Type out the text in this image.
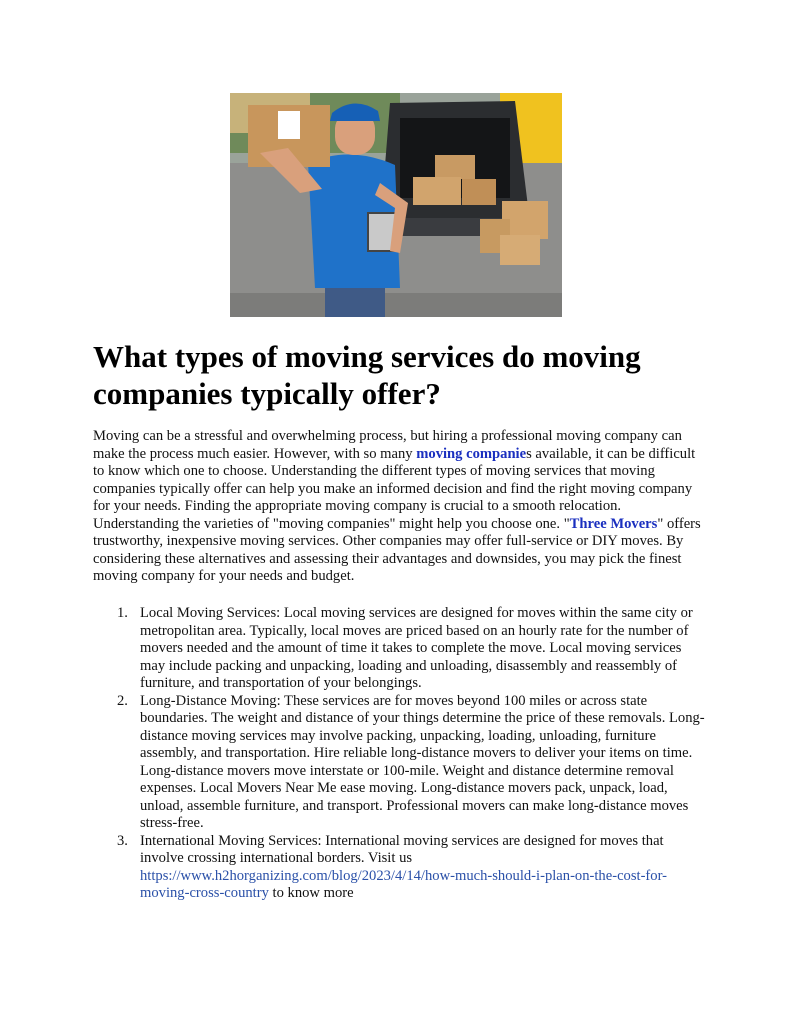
What types of moving services do moving companies typically offer?

Moving can be a stressful and overwhelming process, but hiring a professional moving company can make the process much easier. However, with so many moving companies available, it can be difficult to know which one to choose. Understanding the different types of moving services that moving companies typically offer can help you make an informed decision and find the right moving company for your needs. Finding the appropriate moving company is crucial to a smooth relocation. Understanding the varieties of "moving companies" might help you choose one. "Three Movers" offers trustworthy, inexpensive moving services. Other companies may offer full-service or DIY moves. By considering these alternatives and assessing their advantages and downsides, you may pick the finest moving company for your needs and budget.

1. Local Moving Services: Local moving services are designed for moves within the same city or metropolitan area. Typically, local moves are priced based on an hourly rate for the number of movers needed and the amount of time it takes to complete the move. Local moving services may include packing and unpacking, loading and unloading, disassembly and reassembly of furniture, and transportation of your belongings.
2. Long-Distance Moving: These services are for moves beyond 100 miles or across state boundaries. The weight and distance of your things determine the price of these removals. Long-distance moving services may involve packing, unpacking, loading, unloading, furniture assembly, and transportation. Hire reliable long-distance movers to deliver your items on time. Long-distance movers move interstate or 100-mile. Weight and distance determine removal expenses. Local Movers Near Me ease moving. Long-distance movers pack, unpack, load, unload, assemble furniture, and transport. Professional movers can make long-distance moves stress-free.
3. International Moving Services: International moving services are designed for moves that involve crossing international borders. Visit us https://www.h2horganizing.com/blog/2023/4/14/how-much-should-i-plan-on-the-cost-for-moving-cross-country to know more
